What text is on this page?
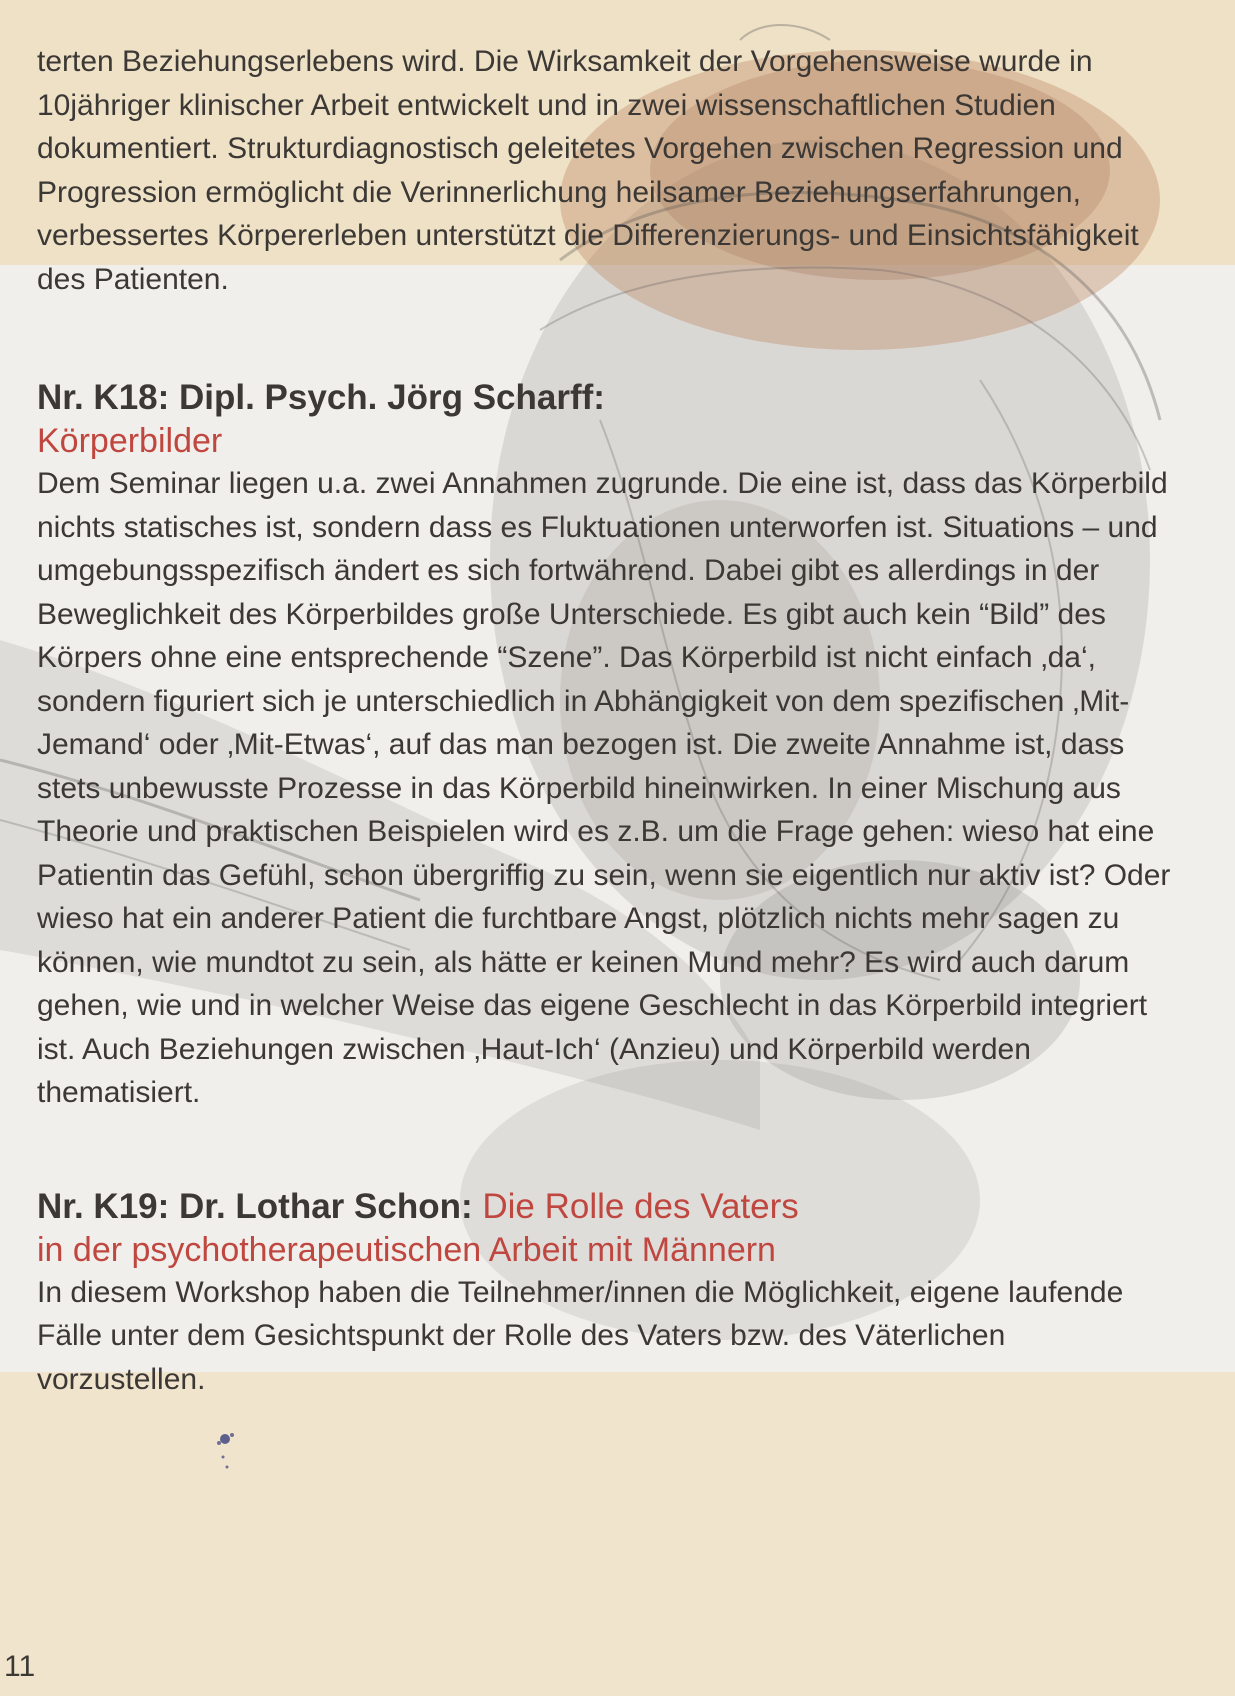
terten Beziehungserlebens wird. Die Wirksamkeit der Vorgehensweise wurde in 10jähriger klinischer Arbeit entwickelt und in zwei wissenschaftlichen Studien dokumentiert. Strukturdiagnostisch geleitetes Vorgehen zwischen Regression und Progression ermöglicht die Verinnerlichung heilsamer Beziehungserfahrungen, verbessertes Körpererleben unterstützt die Differenzierungs- und Einsichtsfähigkeit des Patienten.

Nr. K18: Dipl. Psych. Jörg Scharff:
Körperbilder

Dem Seminar liegen u.a. zwei Annahmen zugrunde. Die eine ist, dass das Körperbild nichts statisches ist, sondern dass es Fluktuationen unterworfen ist. Situations – und umgebungsspezifisch ändert es sich fortwährend. Dabei gibt es allerdings in der Beweglichkeit des Körperbildes große Unterschiede. Es gibt auch kein “Bild” des Körpers ohne eine entsprechende “Szene”. Das Körperbild ist nicht einfach ‚da‘, sondern figuriert sich je unterschiedlich in Abhängigkeit von dem spezifischen ‚Mit-Jemand‘ oder ‚Mit-Etwas‘, auf das man bezogen ist. Die zweite Annahme ist, dass stets unbewusste Prozesse in das Körperbild hineinwirken. In einer Mischung aus Theorie und praktischen Beispielen wird es z.B. um die Frage gehen: wieso hat eine Patientin das Gefühl, schon übergriffig zu sein, wenn sie eigentlich nur aktiv ist? Oder wieso hat ein anderer Patient die furchtbare Angst, plötzlich nichts mehr sagen zu können, wie mundtot zu sein, als hätte er keinen Mund mehr? Es wird auch darum gehen, wie und in welcher Weise das eigene Geschlecht in das Körperbild integriert ist. Auch Beziehungen zwischen ‚Haut-Ich‘ (Anzieu) und Körperbild werden thematisiert.

Nr. K19: Dr. Lothar Schon: Die Rolle des Vaters
in der psychotherapeutischen Arbeit mit Männern

In diesem Workshop haben die Teilnehmer/innen die Möglichkeit, eigene laufende Fälle unter dem Gesichtspunkt der Rolle des Vaters bzw. des Väterlichen vorzustellen.

11
